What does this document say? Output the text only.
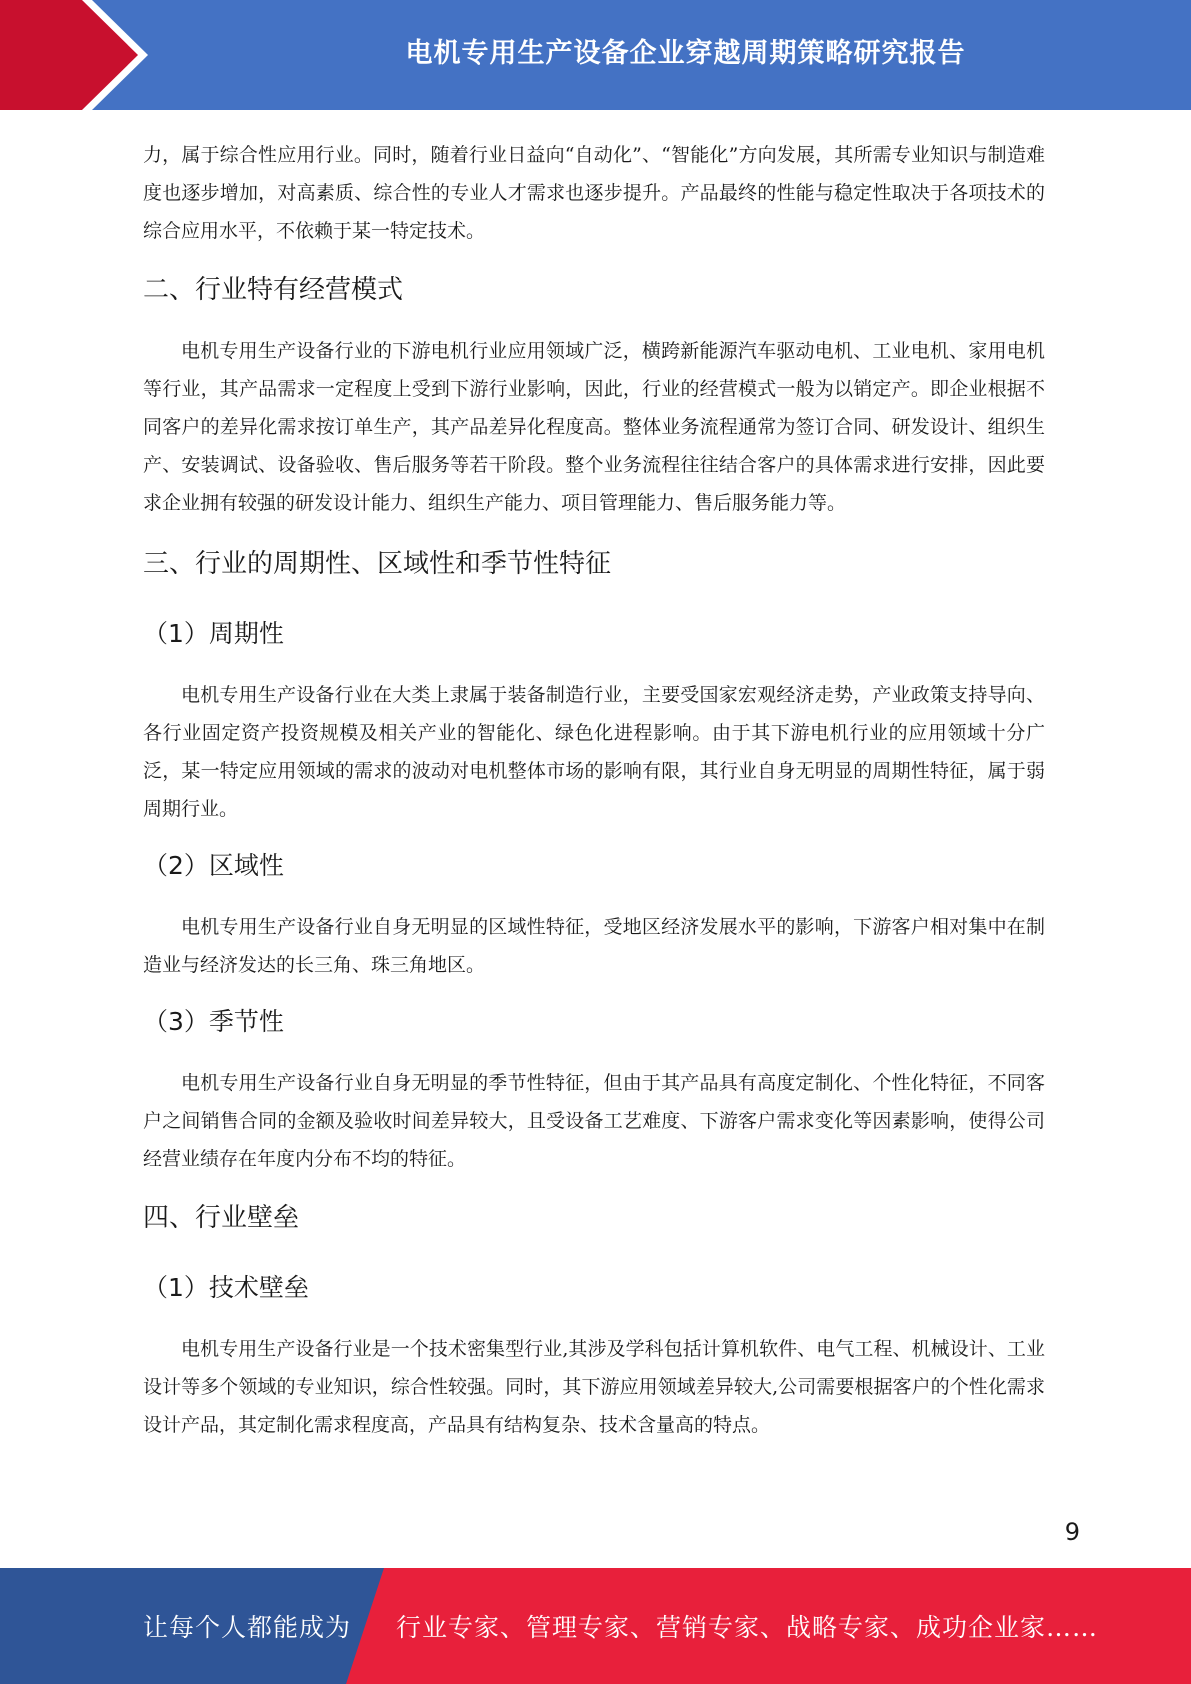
电机专用生产设备企业穿越周期策略研究报告

力，属于综合性应用行业。同时，随着行业日益向“自动化”、“智能化”方向发展，其所需专业知识与制造难度也逐步增加，对高素质、综合性的专业人才需求也逐步提升。产品最终的性能与稳定性取决于各项技术的综合应用水平，不依赖于某一特定技术。

二、行业特有经营模式

电机专用生产设备行业的下游电机行业应用领域广泛，横跨新能源汽车驱动电机、工业电机、家用电机等行业，其产品需求一定程度上受到下游行业影响，因此，行业的经营模式一般为以销定产。即企业根据不同客户的差异化需求按订单生产，其产品差异化程度高。整体业务流程通常为签订合同、研发设计、组织生产、安装调试、设备验收、售后服务等若干阶段。整个业务流程往往结合客户的具体需求进行安排，因此要求企业拥有较强的研发设计能力、组织生产能力、项目管理能力、售后服务能力等。

三、行业的周期性、区域性和季节性特征
（1）周期性

电机专用生产设备行业在大类上隶属于装备制造行业，主要受国家宏观经济走势，产业政策支持导向、各行业固定资产投资规模及相关产业的智能化、绿色化进程影响。由于其下游电机行业的应用领域十分广泛，某一特定应用领域的需求的波动对电机整体市场的影响有限，其行业自身无明显的周期性特征，属于弱周期行业。

（2）区域性

电机专用生产设备行业自身无明显的区域性特征，受地区经济发展水平的影响，下游客户相对集中在制造业与经济发达的长三角、珠三角地区。

（3）季节性

电机专用生产设备行业自身无明显的季节性特征，但由于其产品具有高度定制化、个性化特征，不同客户之间销售合同的金额及验收时间差异较大，且受设备工艺难度、下游客户需求变化等因素影响，使得公司经营业绩存在年度内分布不均的特征。

四、行业壁垒
（1）技术壁垒

电机专用生产设备行业是一个技术密集型行业,其涉及学科包括计算机软件、电气工程、机械设计、工业设计等多个领域的专业知识，综合性较强。同时，其下游应用领域差异较大,公司需要根据客户的个性化需求设计产品，其定制化需求程度高，产品具有结构复杂、技术含量高的特点。

9
让每个人都能成为 行业专家、管理专家、营销专家、战略专家、成功企业家……
